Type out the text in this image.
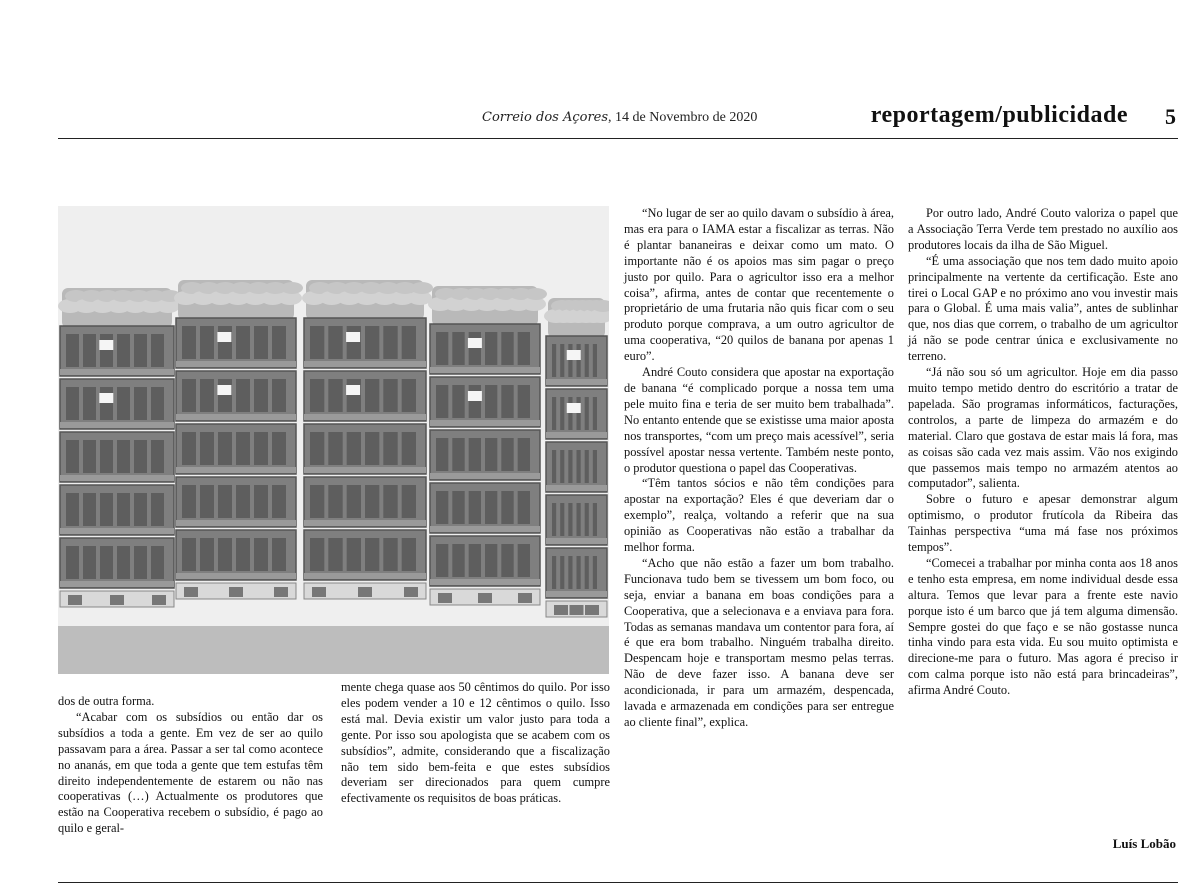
Correio dos Açores, 14 de Novembro de 2020	reportagem/publicidade 5

dos de outra forma.

“Acabar com os subsídios ou então dar os subsídios a toda a gente. Em vez de ser ao quilo passavam para a área. Passar a ser tal como acontece no ananás, em que toda a gente que tem estufas têm direito independentemente de estarem ou não nas cooperativas (…) Actualmente os produtores que estão na Cooperativa recebem o subsídio, é pago ao quilo e geral-

mente chega quase aos 50 cêntimos do quilo. Por isso eles podem vender a 10 e 12 cêntimos o quilo. Isso está mal. Devia existir um valor justo para toda a gente. Por isso sou apologista que se acabem com os subsídios”, admite, considerando que a fiscalização não tem sido bem-feita e que estes subsídios deveriam ser direcionados para quem cumpre efectivamente os requisitos de boas práticas.

“No lugar de ser ao quilo davam o subsídio à área, mas era para o IAMA estar a fiscalizar as terras. Não é plantar bananeiras e deixar como um mato. O importante não é os apoios mas sim pagar o preço justo por quilo. Para o agricultor isso era a melhor coisa”, afirma, antes de contar que recentemente o proprietário de uma frutaria não quis ficar com o seu produto porque comprava, a um outro agricultor de uma cooperativa, “20 quilos de banana por apenas 1 euro”.

André Couto considera que apostar na exportação de banana “é complicado porque a nossa tem uma pele muito fina e teria de ser muito bem trabalhada”. No entanto entende que se existisse uma maior aposta nos transportes, “com um preço mais acessível”, seria possível apostar nessa vertente. Também neste ponto, o produtor questiona o papel das Cooperativas.

“Têm tantos sócios e não têm condições para apostar na exportação? Eles é que deveriam dar o exemplo”, realça, voltando a referir que na sua opinião as Cooperativas não estão a trabalhar da melhor forma.

“Acho que não estão a fazer um bom trabalho. Funcionava tudo bem se tivessem um bom foco, ou seja, enviar a banana em boas condições para a Cooperativa, que a selecionava e a enviava para fora. Todas as semanas mandava um contentor para fora, aí é que era bom trabalho. Ninguém trabalha direito. Despencam hoje e transportam mesmo pelas terras. Não de deve fazer isso. A banana deve ser acondicionada, ir para um armazém, despencada, lavada e armazenada em condições para ser entregue ao cliente final”, explica.

Por outro lado, André Couto valoriza o papel que a Associação Terra Verde tem prestado no auxílio aos produtores locais da ilha de São Miguel.

“É uma associação que nos tem dado muito apoio principalmente na vertente da certificação. Este ano tirei o Local GAP e no próximo ano vou investir mais para o Global. É uma mais valia”, antes de sublinhar que, nos dias que correm, o trabalho de um agricultor já não se pode centrar única e exclusivamente no terreno.

“Já não sou só um agricultor. Hoje em dia passo muito tempo metido dentro do escritório a tratar de papelada. São programas informáticos, facturações, controlos, a parte de limpeza do armazém e do material. Claro que gostava de estar mais lá fora, mas as coisas são cada vez mais assim. Vão nos exigindo que passemos mais tempo no armazém atentos ao computador”, salienta.

Sobre o futuro e apesar demonstrar algum optimismo, o produtor frutícola da Ribeira das Tainhas perspectiva “uma má fase nos próximos tempos”.

“Comecei a trabalhar por minha conta aos 18 anos e tenho esta empresa, em nome individual desde essa altura. Temos que levar para a frente este navio porque isto é um barco que já tem alguma dimensão. Sempre gostei do que faço e se não gostasse nunca tinha vindo para esta vida. Eu sou muito optimista e direcione-me para o futuro. Mas agora é preciso ir com calma porque isto não está para brincadeiras”, afirma André Couto.

Luís Lobão
